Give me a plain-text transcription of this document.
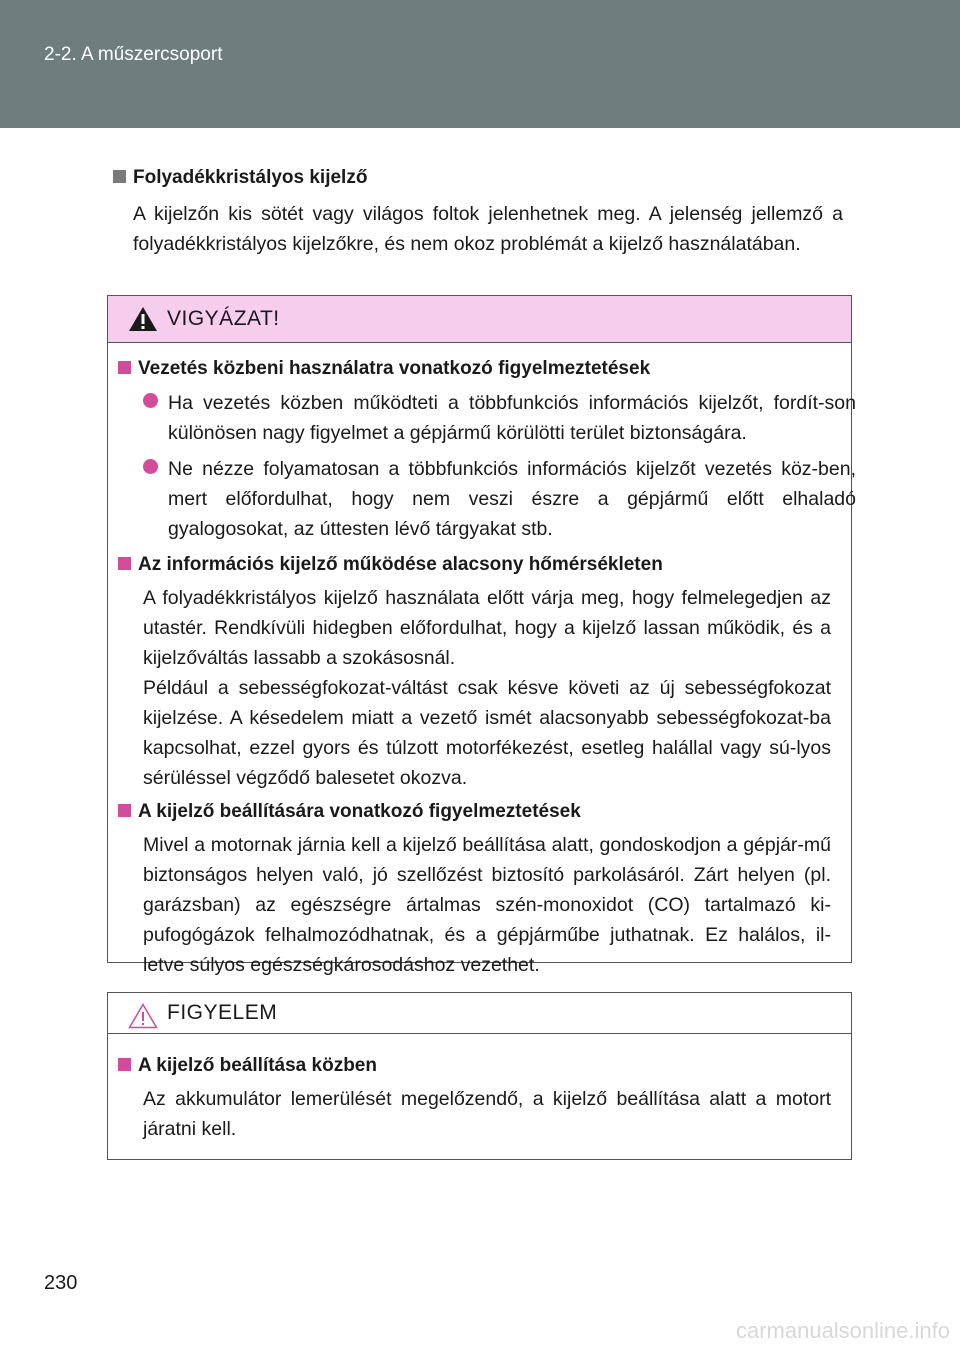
2-2. A műszercsoport
Folyadékkristályos kijelző
A kijelzőn kis sötét vagy világos foltok jelenhetnek meg. A jelenség jellemző a folyadékkristályos kijelzőkre, és nem okoz problémát a kijelző használatában.
VIGYÁZAT!
Vezetés közbeni használatra vonatkozó figyelmeztetések
Ha vezetés közben működteti a többfunkciós információs kijelzőt, fordít-son különösen nagy figyelmet a gépjármű körülötti terület biztonságára.
Ne nézze folyamatosan a többfunkciós információs kijelzőt vezetés köz-ben, mert előfordulhat, hogy nem veszi észre a gépjármű előtt elhaladó gyalogosokat, az úttesten lévő tárgyakat stb.
Az információs kijelző működése alacsony hőmérsékleten
A folyadékkristályos kijelző használata előtt várja meg, hogy felmelegedjen az utastér. Rendkívüli hidegben előfordulhat, hogy a kijelző lassan működik, és a kijelzőváltás lassabb a szokásosnál.
Például a sebességfokozat-váltást csak késve követi az új sebességfokozat kijelzése. A késedelem miatt a vezető ismét alacsonyabb sebességfokozat-ba kapcsolhat, ezzel gyors és túlzott motorfékezést, esetleg halállal vagy sú-lyos sérüléssel végződő balesetet okozva.
A kijelző beállítására vonatkozó figyelmeztetések
Mivel a motornak járnia kell a kijelző beállítása alatt, gondoskodjon a gépjár-mű biztonságos helyen való, jó szellőzést biztosító parkolásáról. Zárt helyen (pl. garázsban) az egészségre ártalmas szén-monoxidot (CO) tartalmazó ki-pufogógázok felhalmozódhatnak, és a gépjárműbe juthatnak. Ez halálos, il-letve súlyos egészségkárosodáshoz vezethet.
FIGYELEM
A kijelző beállítása közben
Az akkumulátor lemerülését megelőzendő, a kijelző beállítása alatt a motort járatni kell.
230
carmanualsonline.info
